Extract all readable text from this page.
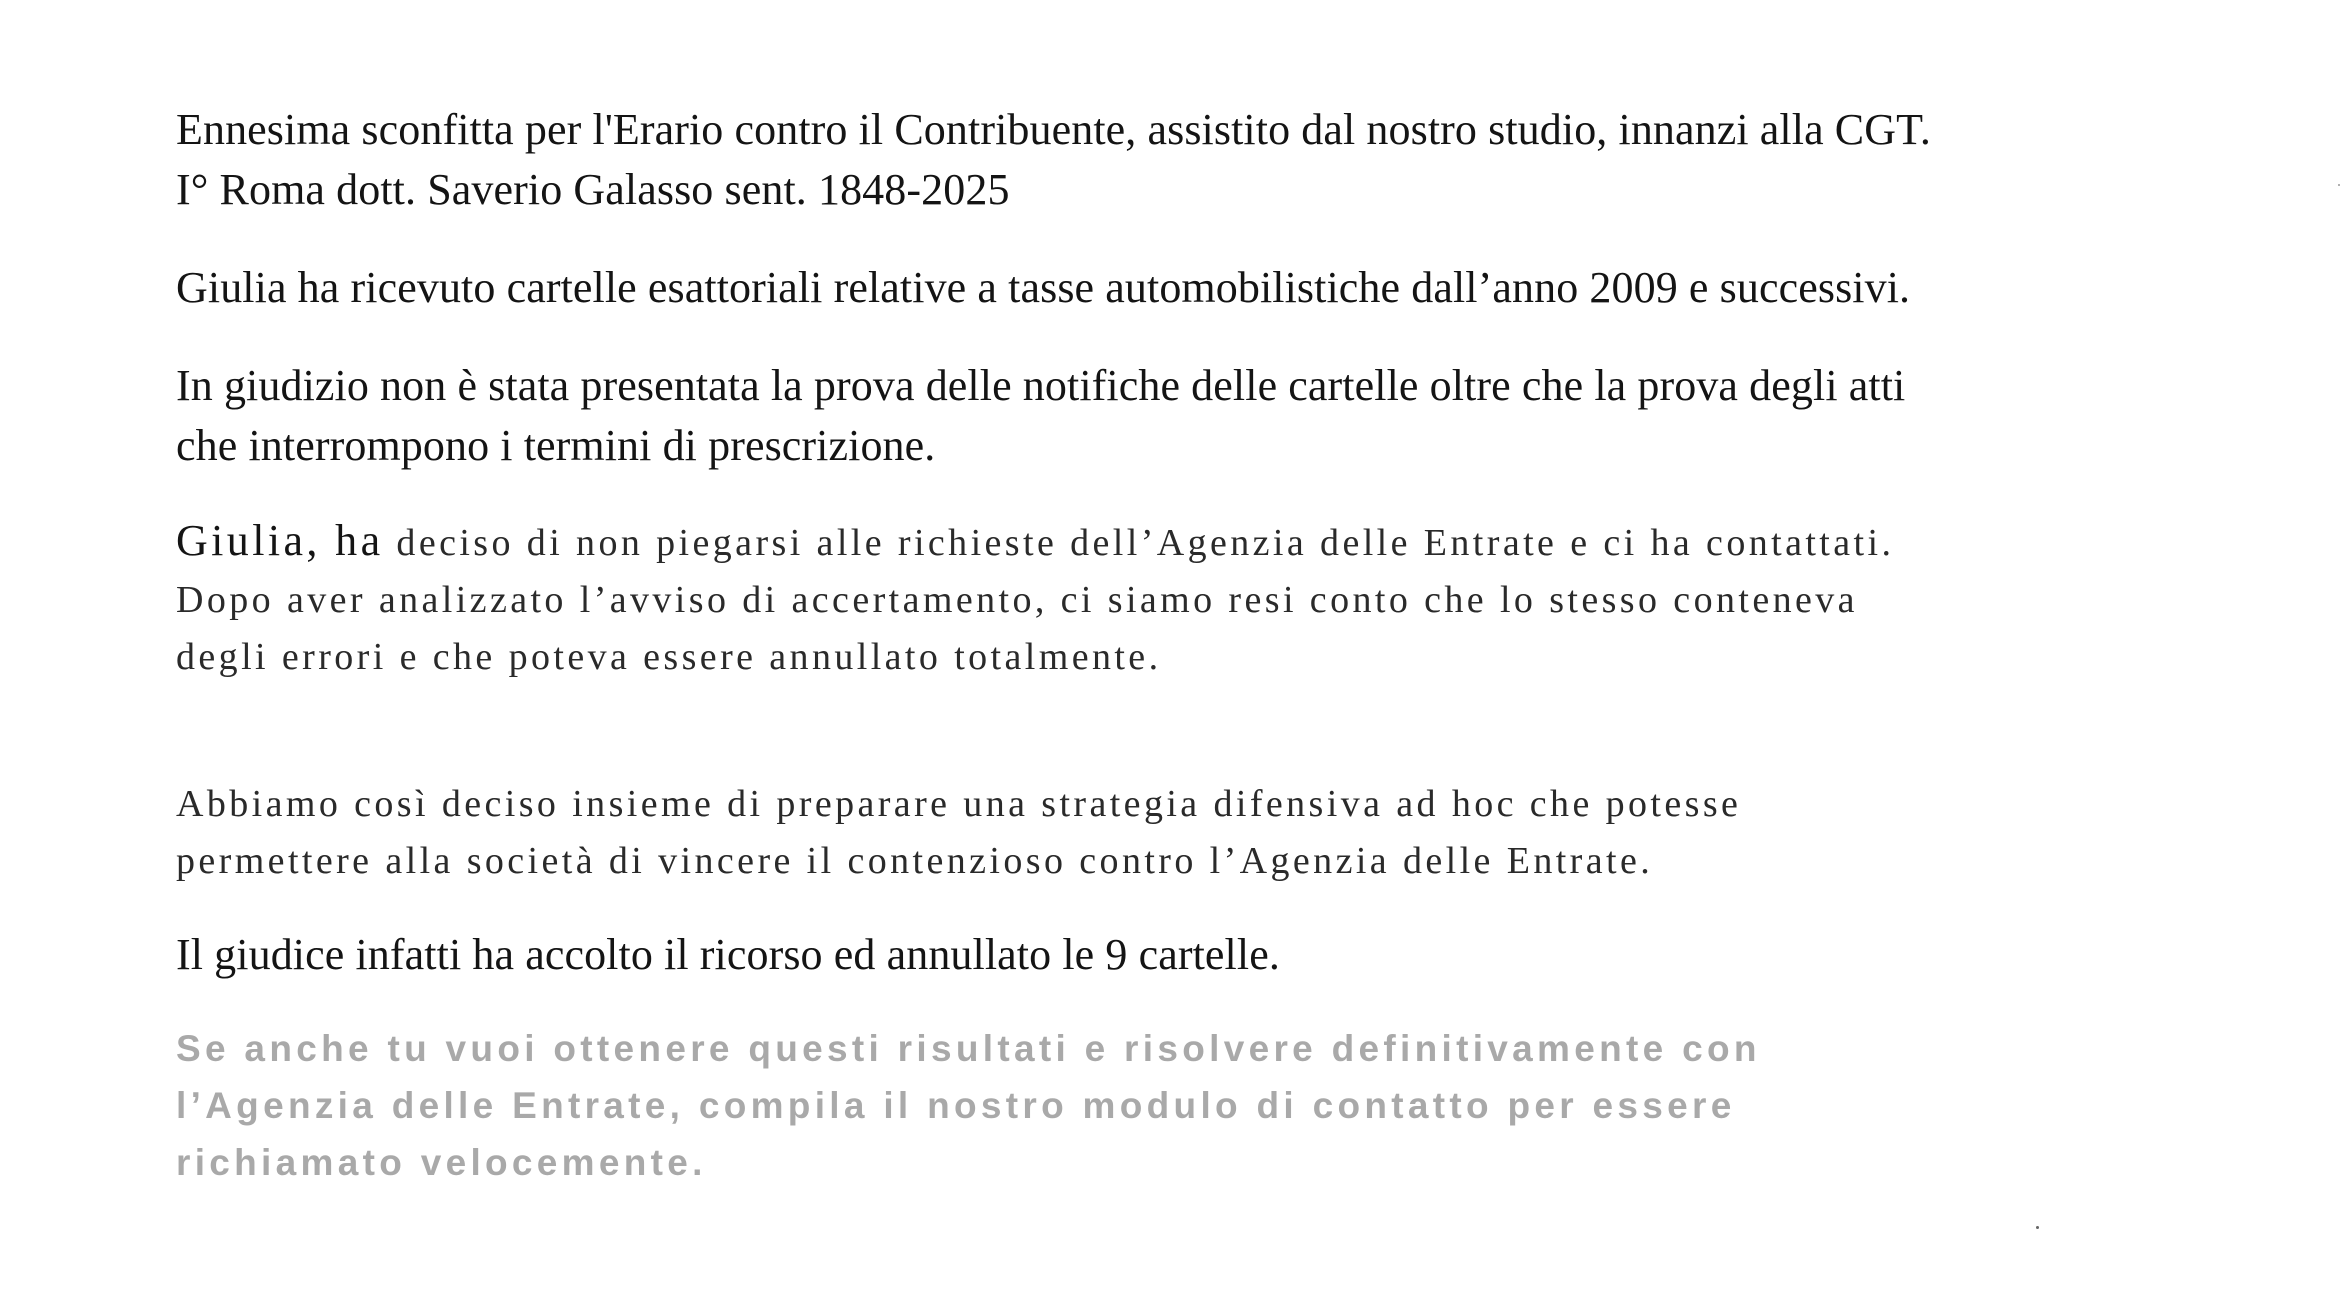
Ennesima sconfitta per l'Erario contro il Contribuente, assistito dal nostro studio, innanzi alla CGT.
I° Roma dott. Saverio Galasso sent. 1848-2025

Giulia ha ricevuto cartelle esattoriali relative a tasse automobilistiche dall’anno 2009 e successivi.

In giudizio non è stata presentata la prova delle notifiche delle cartelle oltre che la prova degli atti
che interrompono i termini di prescrizione.

Giulia, ha deciso di non piegarsi alle richieste dell’Agenzia delle Entrate e ci ha contattati.
Dopo aver analizzato l’avviso di accertamento, ci siamo resi conto che lo stesso conteneva
degli errori e che poteva essere annullato totalmente.

Abbiamo così deciso insieme di preparare una strategia difensiva ad hoc che potesse
permettere alla società di vincere il contenzioso contro l’Agenzia delle Entrate.

Il giudice infatti ha accolto il ricorso ed annullato le 9 cartelle.

Se anche tu vuoi ottenere questi risultati e risolvere definitivamente con
l’Agenzia delle Entrate, compila il nostro modulo di contatto per essere
richiamato velocemente.
